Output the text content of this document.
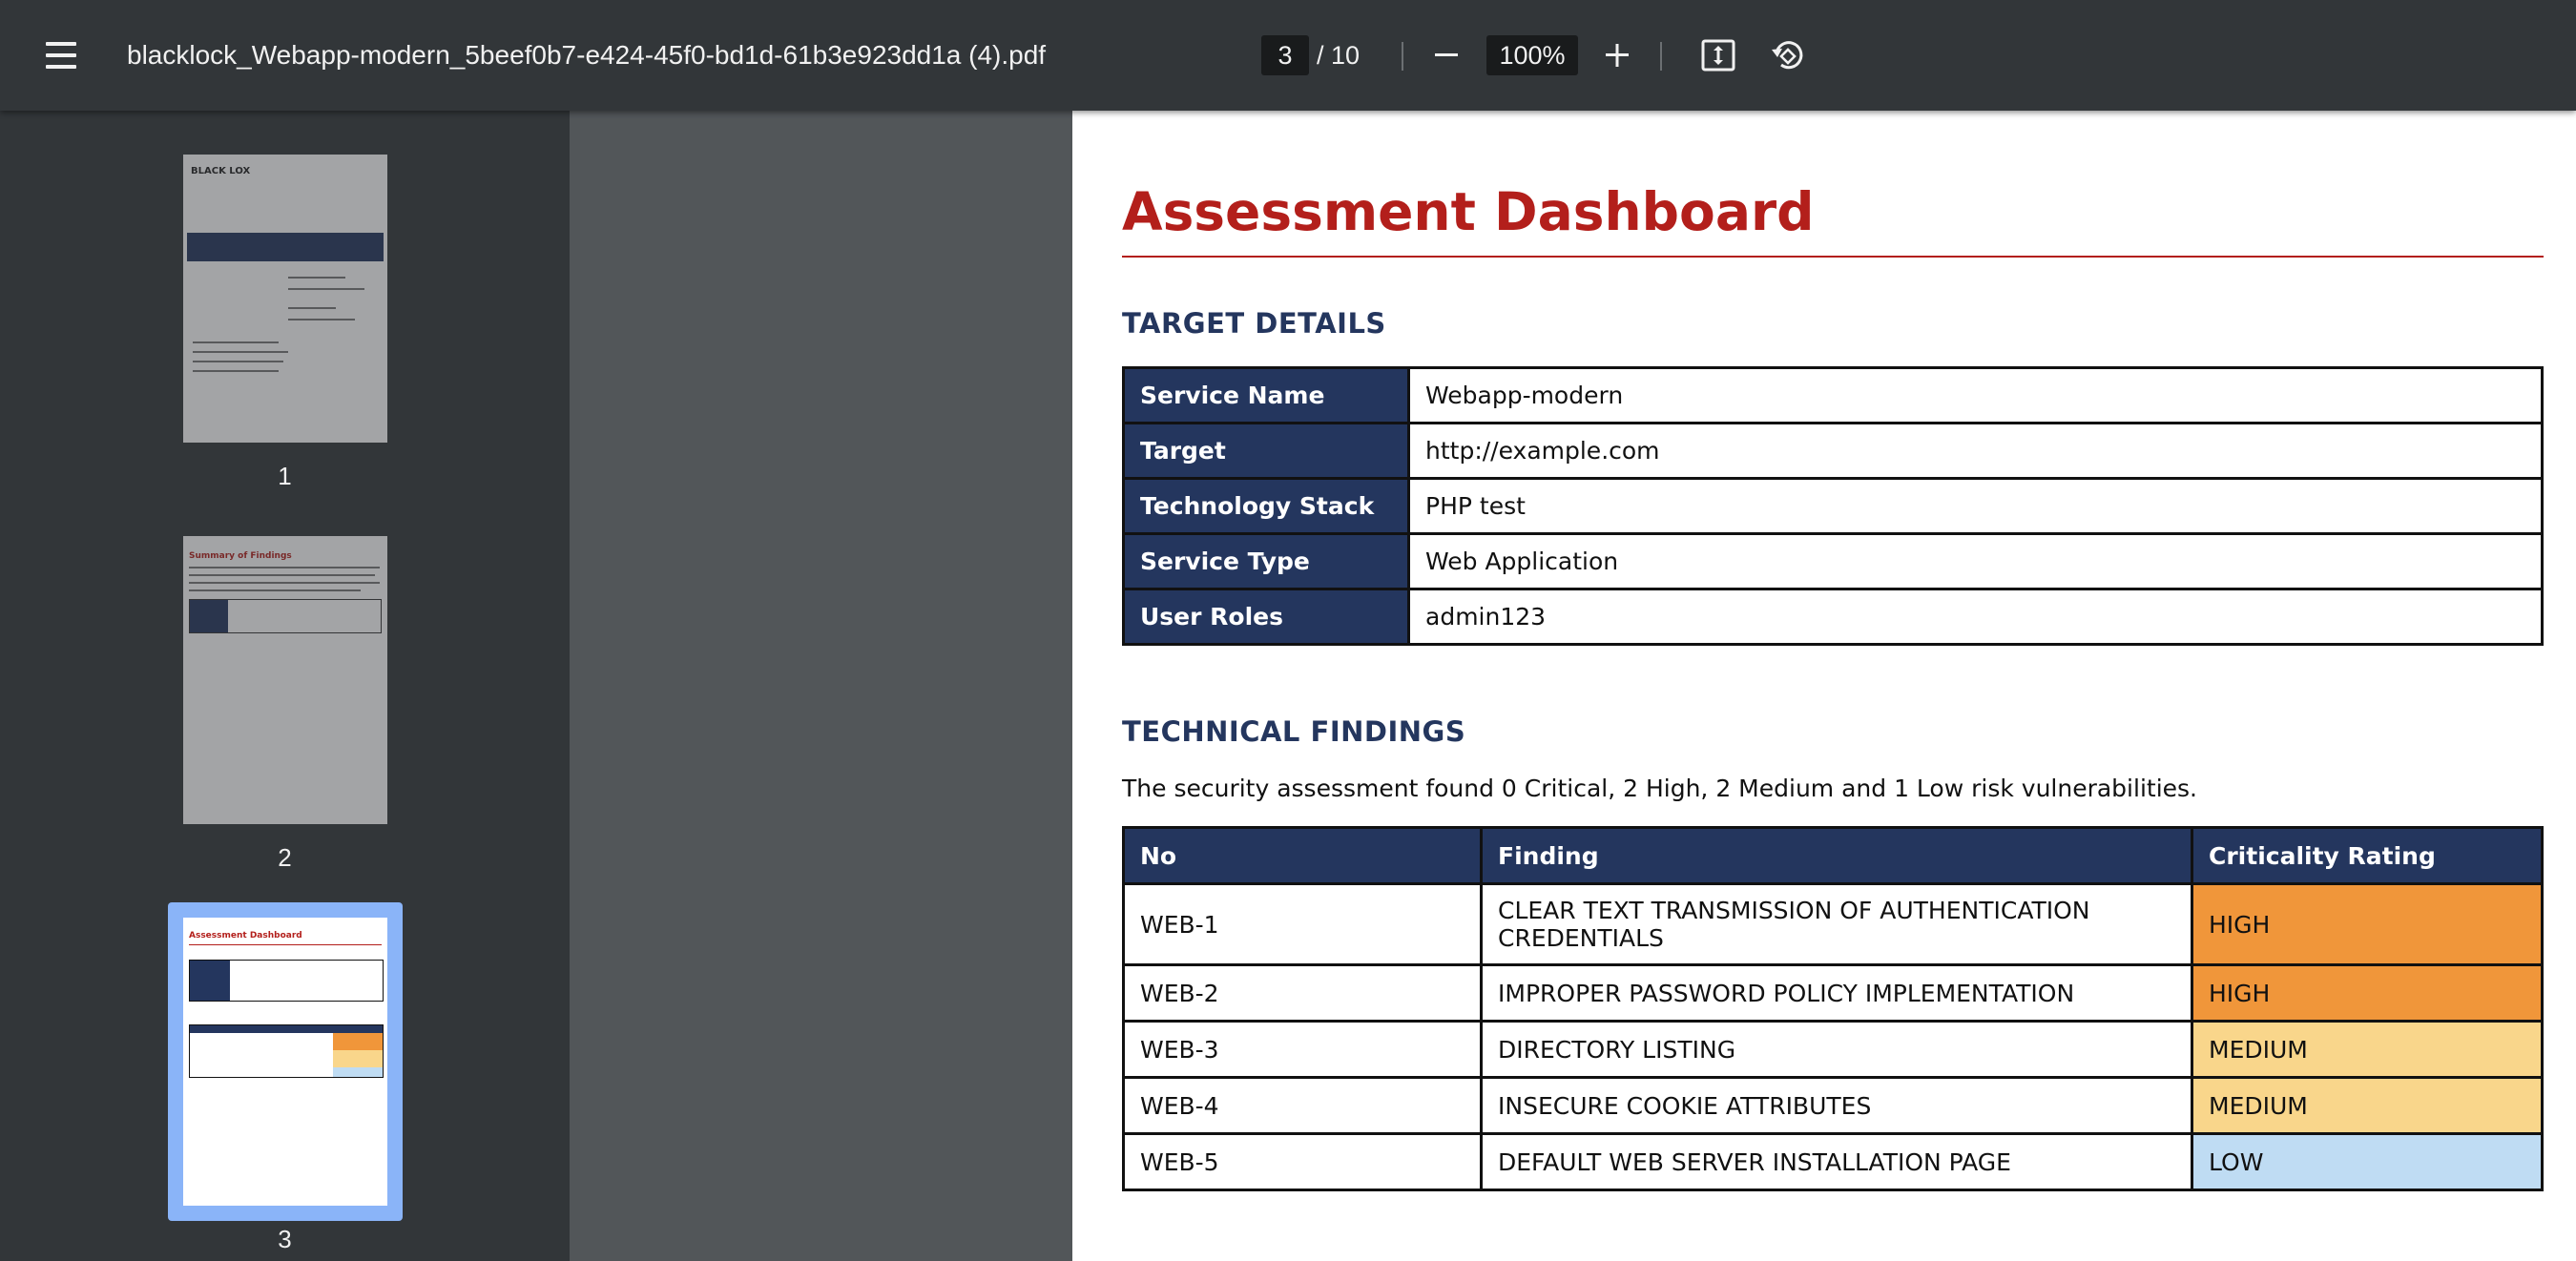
blacklock_Webapp-modern_5beef0b7-e424-45f0-bd1d-61b3e923dd1a (4).pdf	3 / 10	100%
BLACK LOX
1
Summary of Findings
2
Assessment Dashboard
3
Assessment Dashboard
TARGET DETAILS
Service Name	Webapp-modern
Target	http://example.com
Technology Stack	PHP test
Service Type	Web Application
User Roles	admin123
TECHNICAL FINDINGS
The security assessment found 0 Critical, 2 High, 2 Medium and 1 Low risk vulnerabilities.
No	Finding	Criticality Rating
WEB-1	CLEAR TEXT TRANSMISSION OF AUTHENTICATION CREDENTIALS	HIGH
WEB-2	IMPROPER PASSWORD POLICY IMPLEMENTATION	HIGH
WEB-3	DIRECTORY LISTING	MEDIUM
WEB-4	INSECURE COOKIE ATTRIBUTES	MEDIUM
WEB-5	DEFAULT WEB SERVER INSTALLATION PAGE	LOW
